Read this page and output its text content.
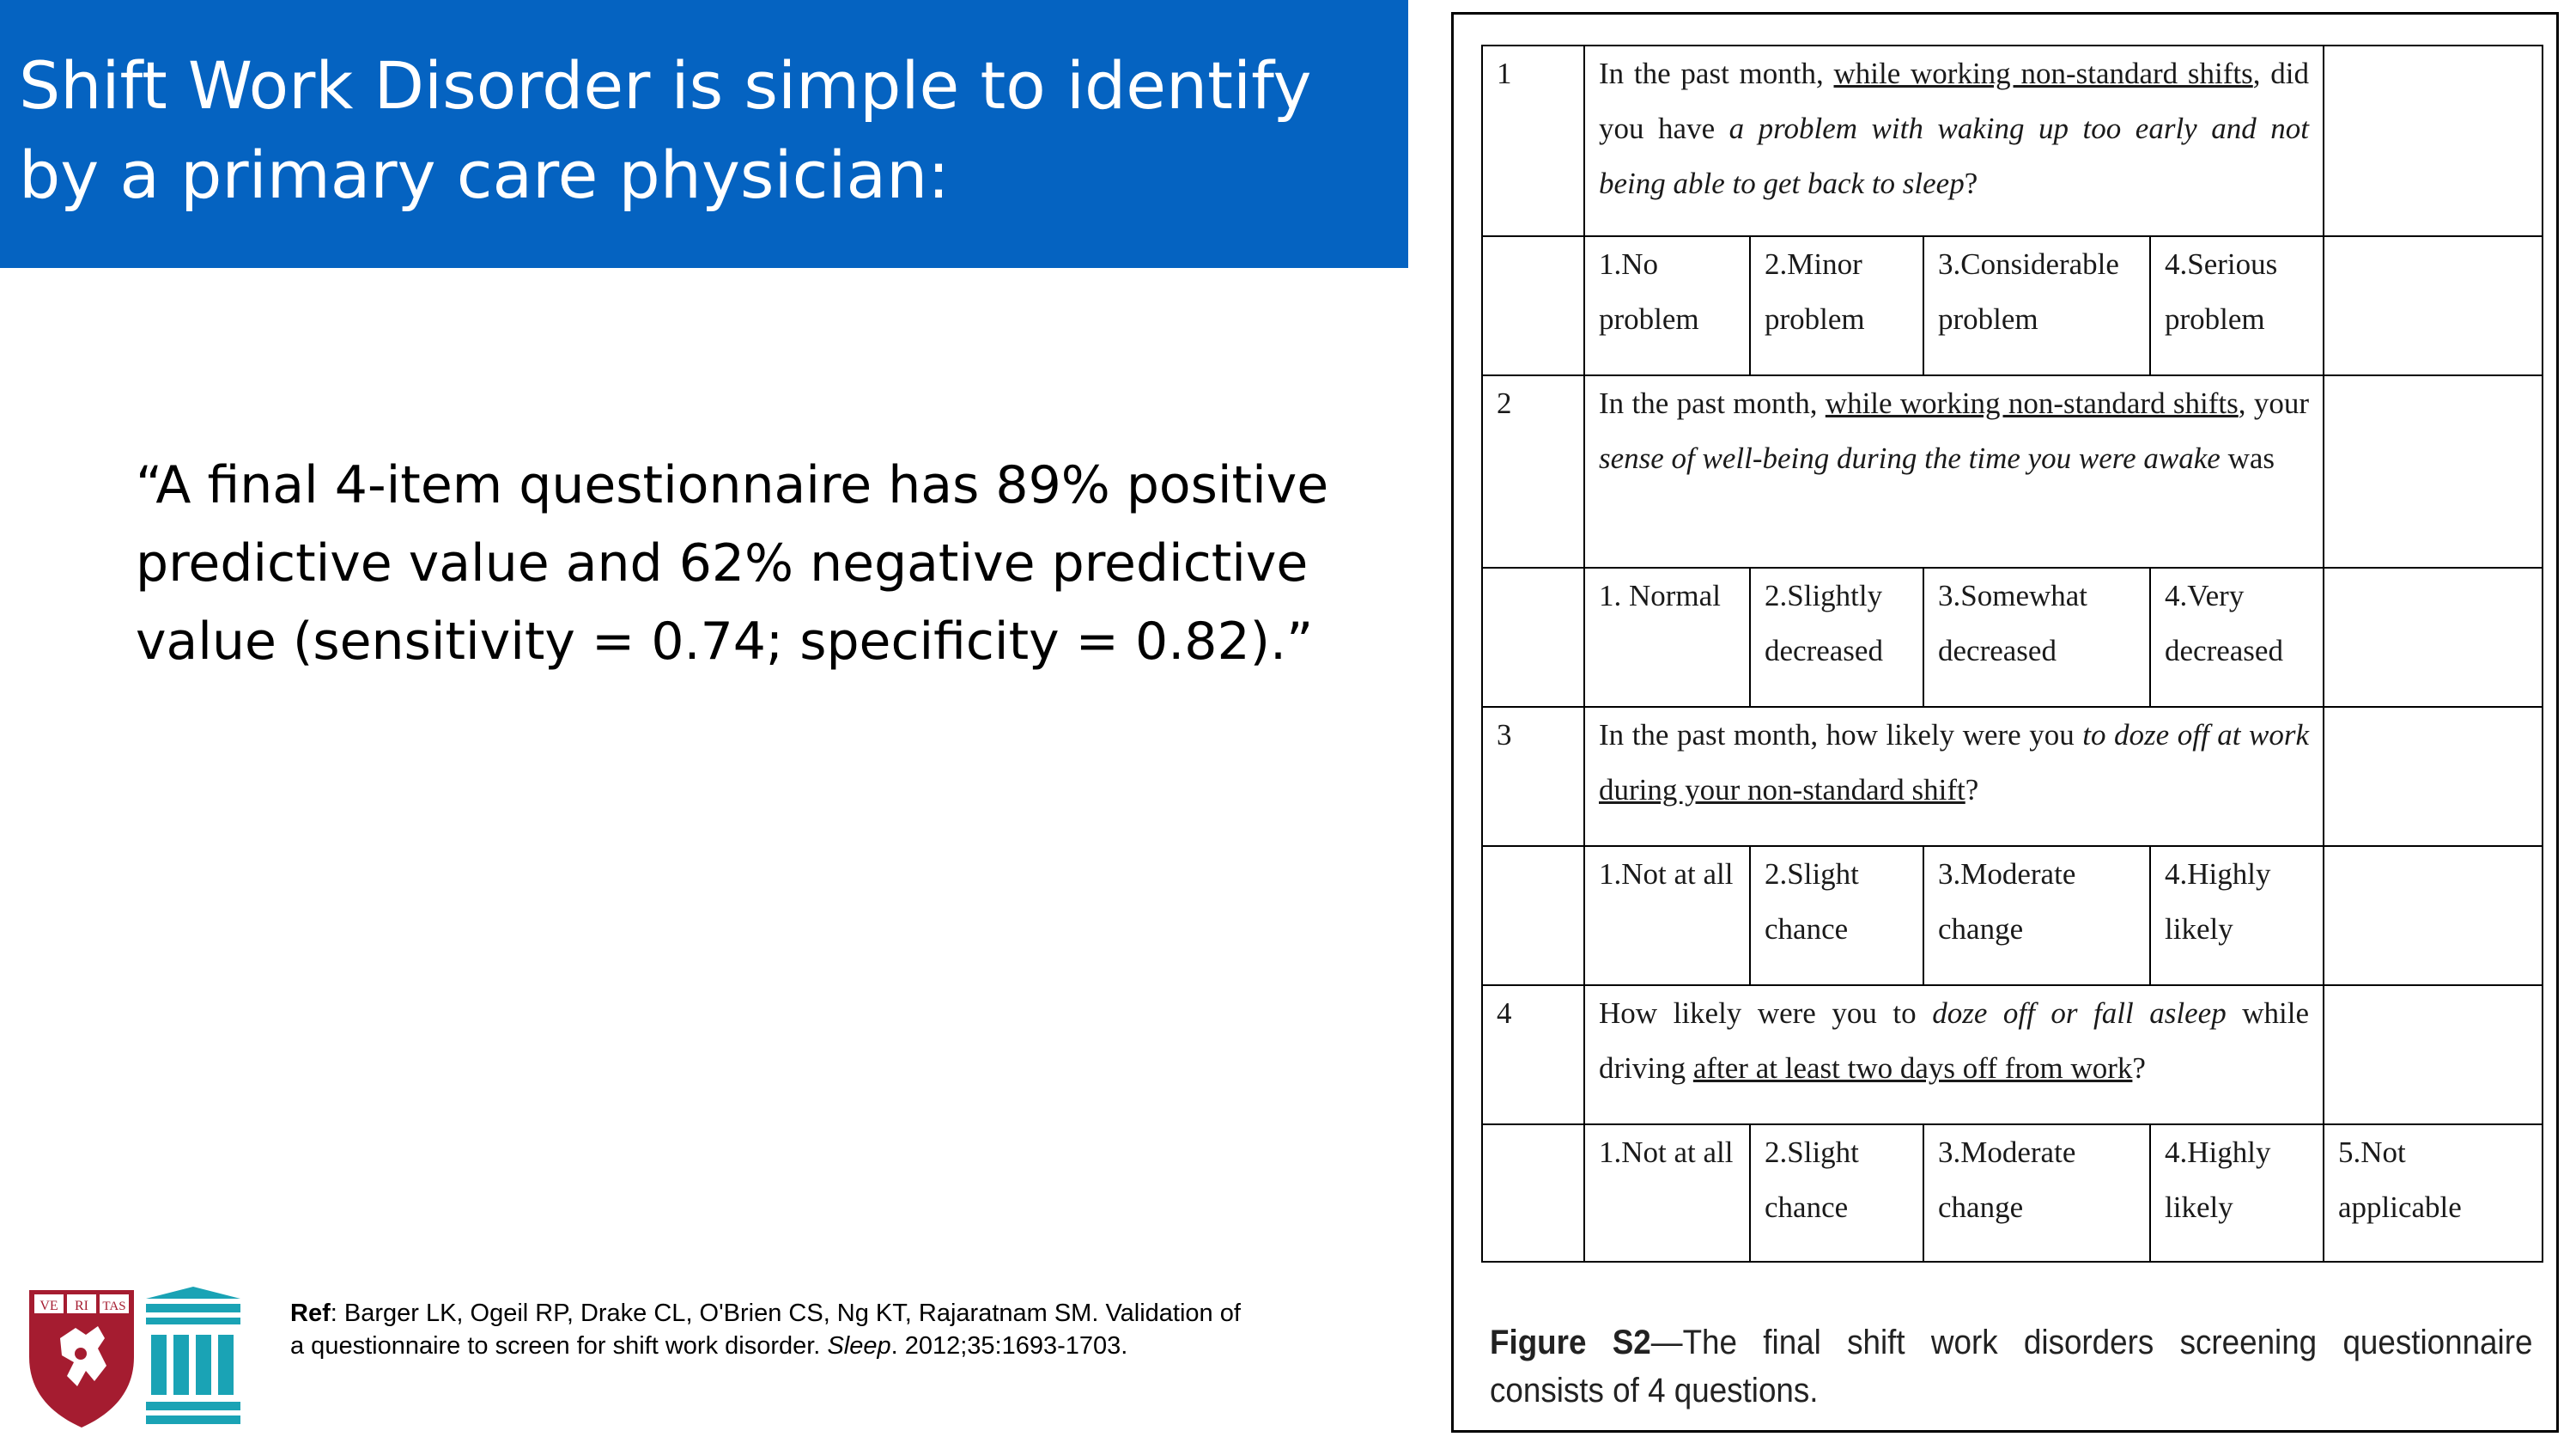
Shift Work Disorder is simple to identify by a primary care physician:

“A final 4-item questionnaire has 89% positive predictive value and 62% negative predictive value (sensitivity = 0.74; specificity = 0.82).”

VE RI TAS	Ref: Barger LK, Ogeil RP, Drake CL, O'Brien CS, Ng KT, Rajaratnam SM. Validation of a questionnaire to screen for shift work disorder. Sleep. 2012;35:1693-1703.
1	In the past month, while working non-standard shifts, did you have a problem with waking up too early and not being able to get back to sleep?				
	1.No problem	2.Minor problem	3.Considerable problem	4.Serious problem	
2	In the past month, while working non-standard shifts, your sense of well-being during the time you were awake was				
	1. Normal	2.Slightly decreased	3.Somewhat decreased	4.Very decreased	
3	In the past month, how likely were you to doze off at work during your non-standard shift?				
	1.Not at all	2.Slight chance	3.Moderate change	4.Highly likely	
4	How likely were you to doze off or fall asleep while driving after at least two days off from work?				
	1.Not at all	2.Slight chance	3.Moderate change	4.Highly likely	5.Not applicable
Figure S2—The final shift work disorders screening questionnaire consists of 4 questions.
